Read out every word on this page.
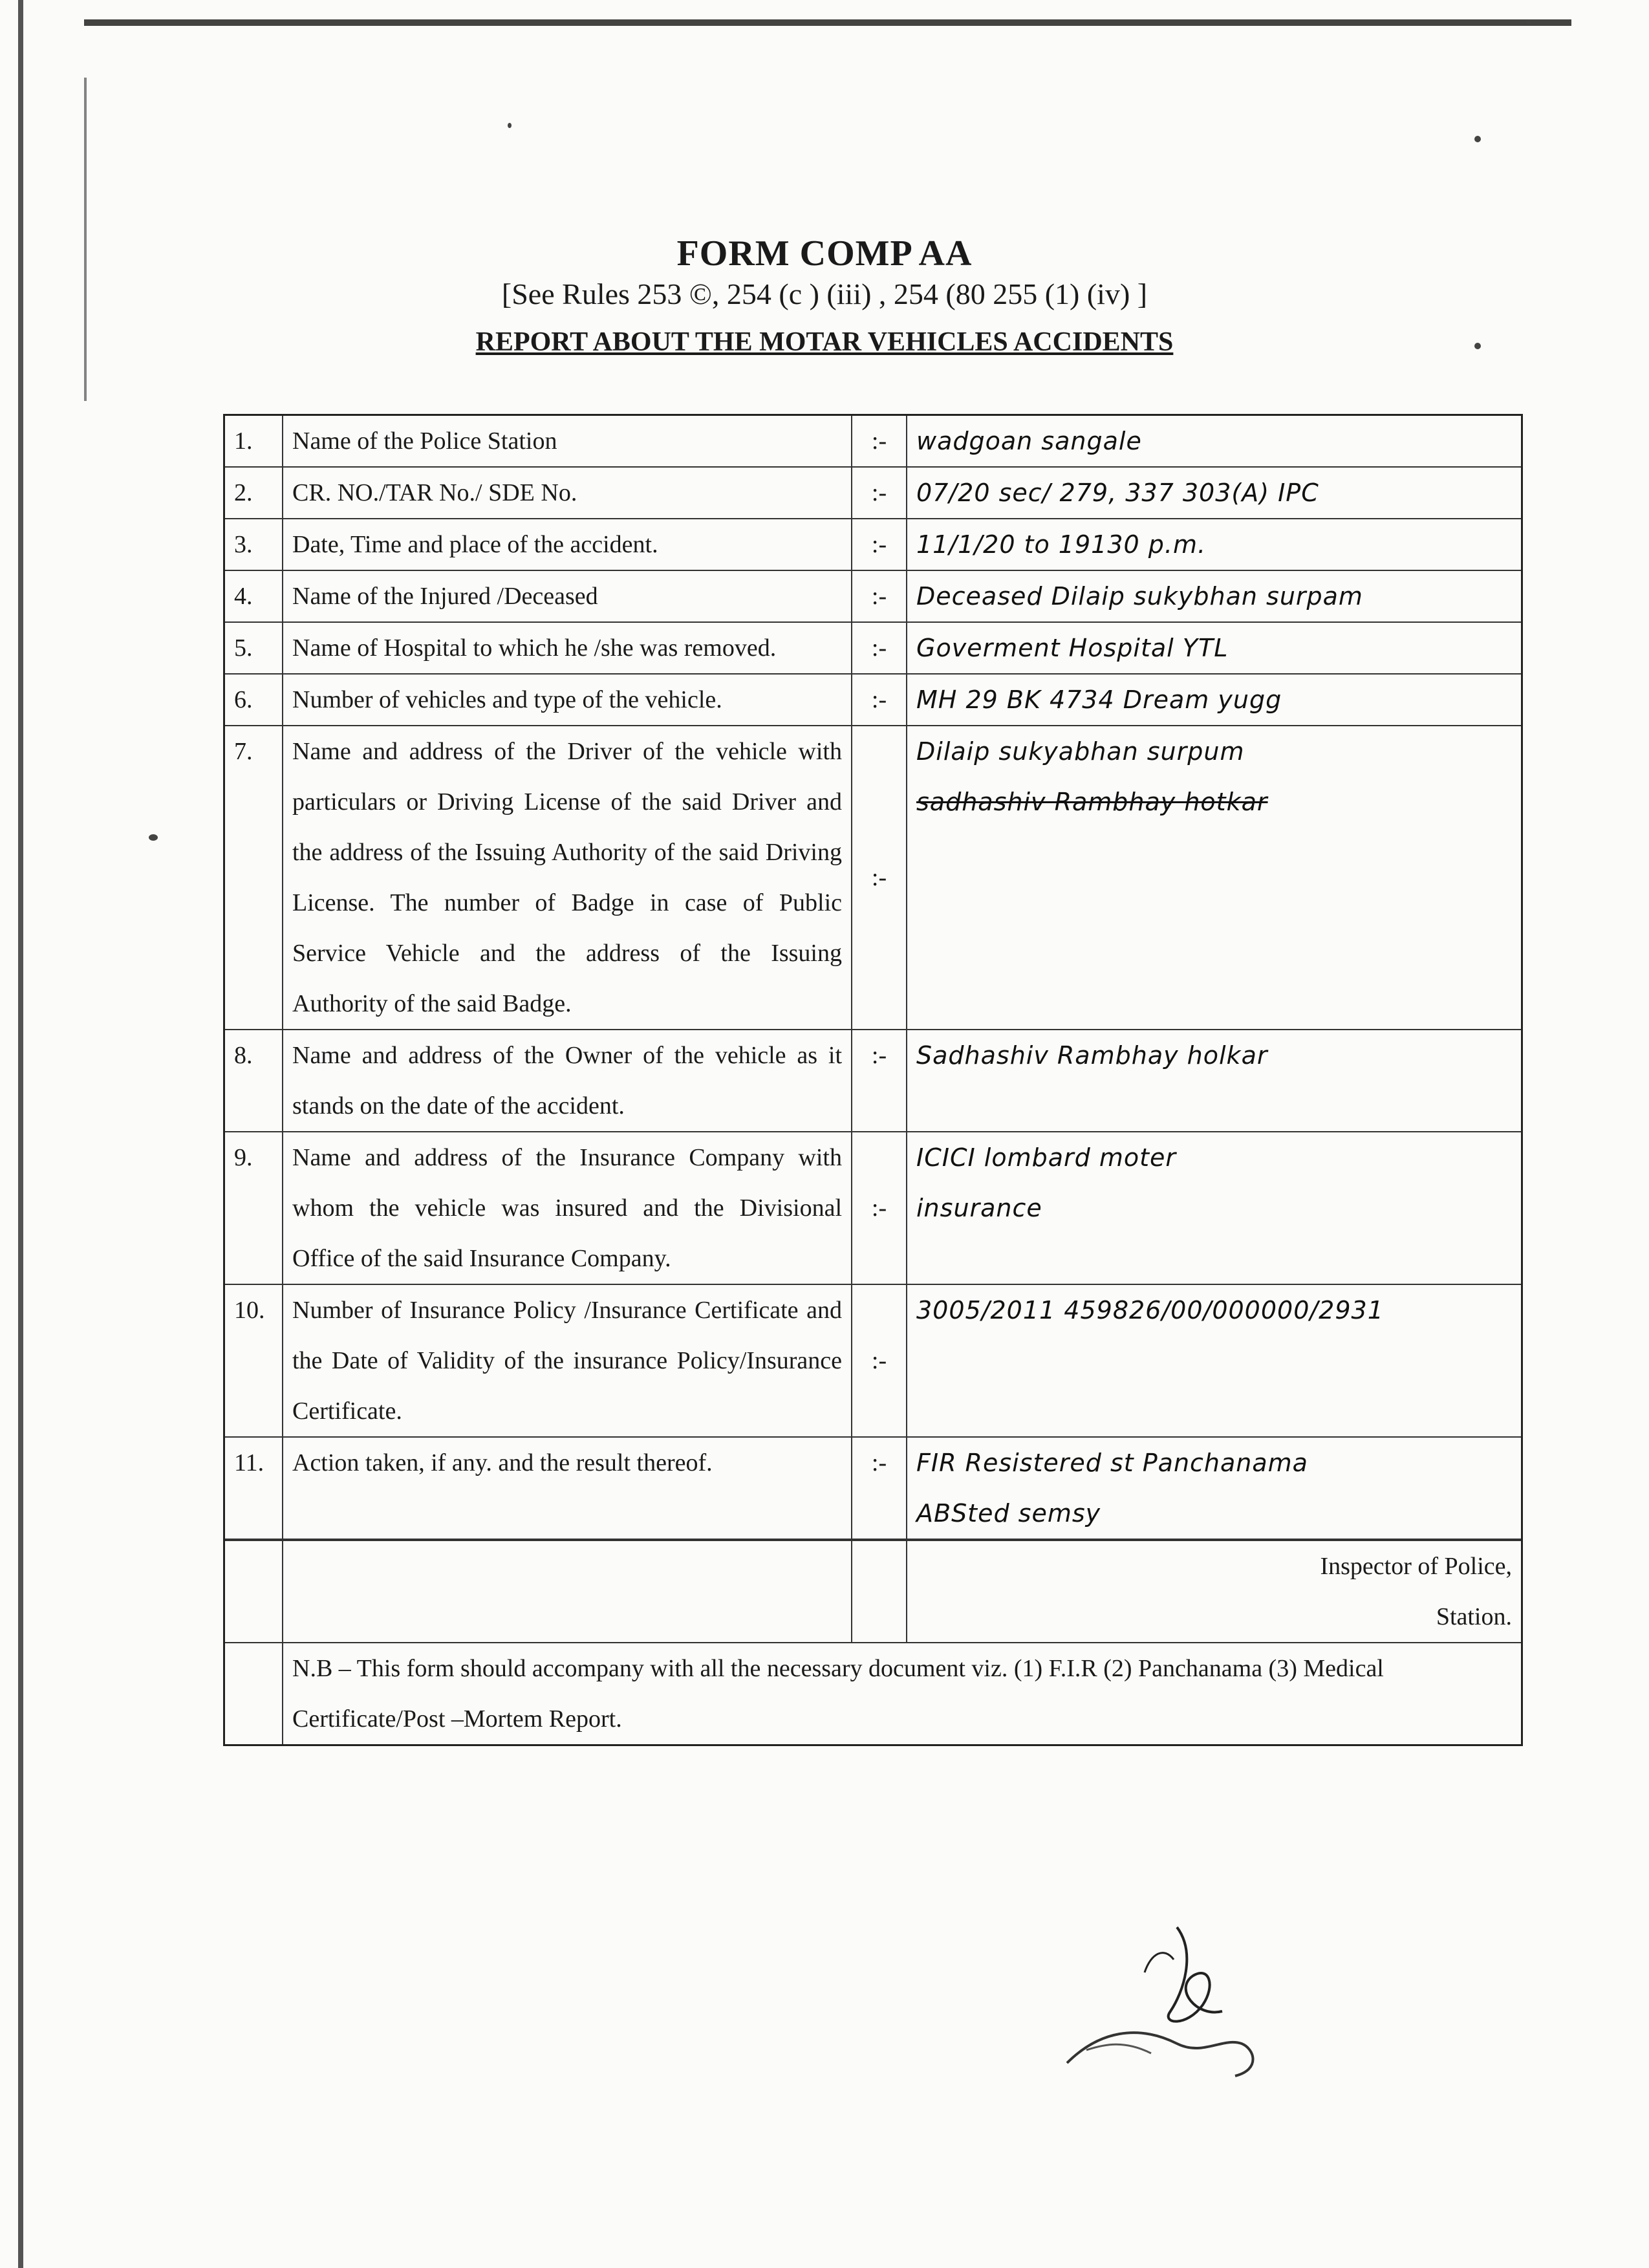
FORM COMP AA
[See Rules 253 ©, 254 (c ) (iii) , 254 (80 255 (1) (iv) ]
REPORT ABOUT THE MOTAR VEHICLES ACCIDENTS
1.	Name of the Police Station	:-	wadgoan sangale
2.	CR. NO./TAR No./ SDE No.	:-	07/20 sec/ 279, 337 303(A) IPC
3.	Date, Time and place of the accident.	:-	11/1/20 to 19130 p.m.
4.	Name of the Injured /Deceased	:-	Deceased Dilaip sukybhan surpam
5.	Name of Hospital to which he /she was removed.	:-	Goverment Hospital YTL
6.	Number of vehicles and type of the vehicle.	:-	MH 29 BK 4734 Dream yugg
7.	Name and address of the Driver of the vehicle with particulars or Driving License of the said Driver and the address of the Issuing Authority of the said Driving License. The number of Badge in case of Public Service Vehicle and the address of the Issuing Authority of the said Badge.	:-	Dilaip sukyabhan surpum
sadhashiv Rambhay hotkar

8.	Name and address of the Owner of the vehicle as it stands on the date of the accident.	:-	Sadhashiv Rambhay holkar
9.	Name and address of the Insurance Company with whom the vehicle was insured and the Divisional Office of the said Insurance Company.	:-	ICICI lombard moter
insurance

10.	Number of Insurance Policy /Insurance Certificate and the Date of Validity of the insurance Policy/Insurance Certificate.	:-	3005/2011 459826/00/000000/2931
11.	Action taken, if any. and the result thereof.	:-	FIR Resistered st Panchanama
ABSted semsy

			Inspector of Police,
Station.

	N.B – This form should accompany with all the necessary document viz. (1) F.I.R (2) Panchanama (3) Medical Certificate/Post –Mortem Report.		
